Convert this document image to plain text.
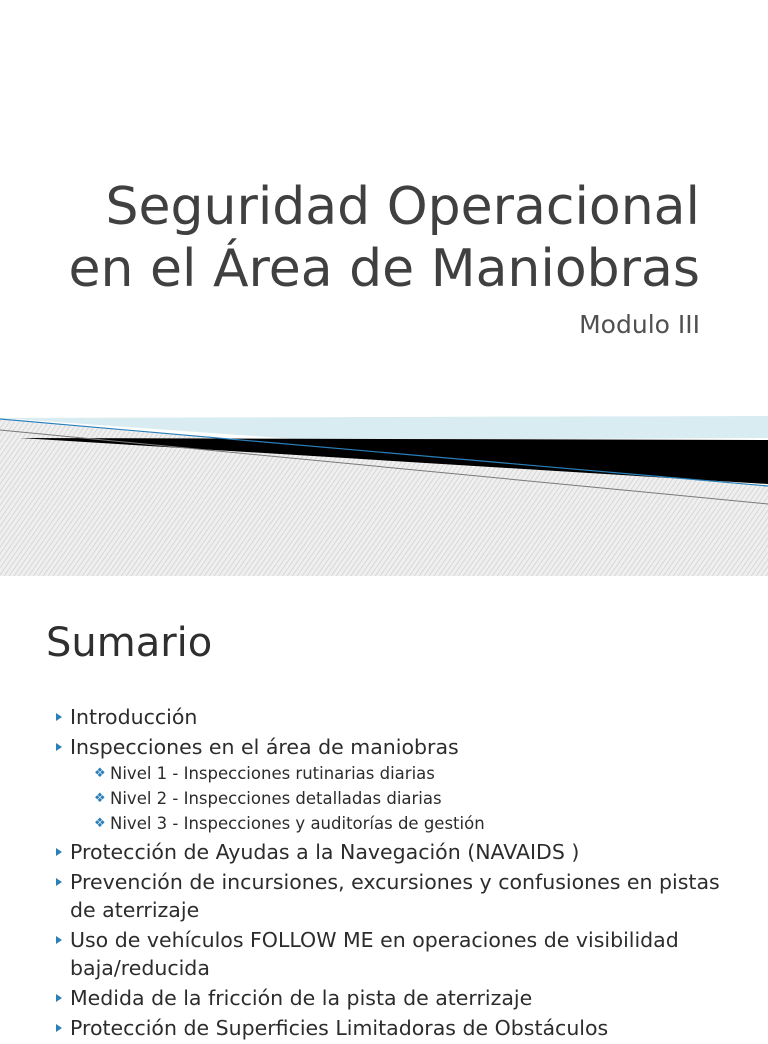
Seguridad Operacional
en el Área de Maniobras
Modulo III
Sumario
Introducción
Inspecciones en el área de maniobras
❖ Nivel 1 - Inspecciones rutinarias diarias
❖ Nivel 2 - Inspecciones detalladas diarias
❖ Nivel 3 - Inspecciones y auditorías de gestión
Protección de Ayudas a la Navegación (NAVAIDS )
Prevención de incursiones, excursiones y confusiones en pistas de aterrizaje
Uso de vehículos FOLLOW ME en operaciones de visibilidad baja/reducida
Medida de la fricción de la pista de aterrizaje
Protección de Superficies Limitadoras de Obstáculos
